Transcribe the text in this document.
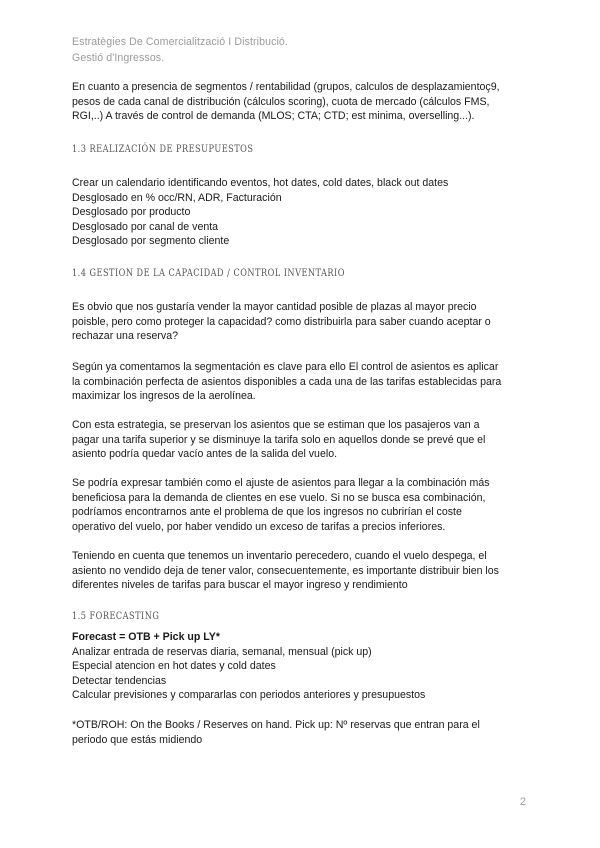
Estratègies De Comercialització I Distribució.
Gestió d'Ingressos.
En cuanto a presencia de segmentos / rentabilidad (grupos, calculos de desplazamientoç9,
pesos de cada canal de distribución (cálculos scoring), cuota de mercado (cálculos FMS,
RGI,..) A través de control de demanda (MLOS; CTA; CTD; est minima, overselling...).
1.3 REALIZACIÓN DE PRESUPUESTOS
Crear un calendario identificando eventos, hot dates, cold dates, black out dates
Desglosado en % occ/RN, ADR, Facturación
Desglosado por producto
Desglosado por canal de venta
Desglosado por segmento cliente
1.4 GESTION DE LA CAPACIDAD / CONTROL INVENTARIO
Es obvio que nos gustaría vender la mayor cantidad posible de plazas al mayor precio
poisble, pero como proteger la capacidad? como distribuirla para saber cuando aceptar o
rechazar una reserva?
Según ya comentamos la segmentación es clave para ello El control de asientos es aplicar
la combinación perfecta de asientos disponibles a cada una de las tarifas establecidas para
maximizar los ingresos de la aerolínea.
Con esta estrategia, se preservan los asientos que se estiman que los pasajeros van a
pagar una tarifa superior y se disminuye la tarifa solo en aquellos donde se prevé que el
asiento podría quedar vacío antes de la salida del vuelo.
Se podría expresar también como el ajuste de asientos para llegar a la combinación más
beneficiosa para la demanda de clientes en ese vuelo. Si no se busca esa combinación,
podríamos encontrarnos ante el problema de que los ingresos no cubrirían el coste
operativo del vuelo, por haber vendido un exceso de tarifas a precios inferiores.
Teniendo en cuenta que tenemos un inventario perecedero, cuando el vuelo despega, el
asiento no vendido deja de tener valor, consecuentemente, es importante distribuir bien los
diferentes niveles de tarifas para buscar el mayor ingreso y rendimiento
1.5 FORECASTING
Forecast = OTB + Pick up LY*
Analizar entrada de reservas diaria, semanal, mensual (pick up)
Especial atencion en hot dates y cold dates
Detectar tendencias
Calcular previsiones y compararlas con periodos anteriores y presupuestos
*OTB/ROH: On the Books / Reserves on hand. Pick up: Nº reservas que entran para el
periodo que estás midiendo
2
